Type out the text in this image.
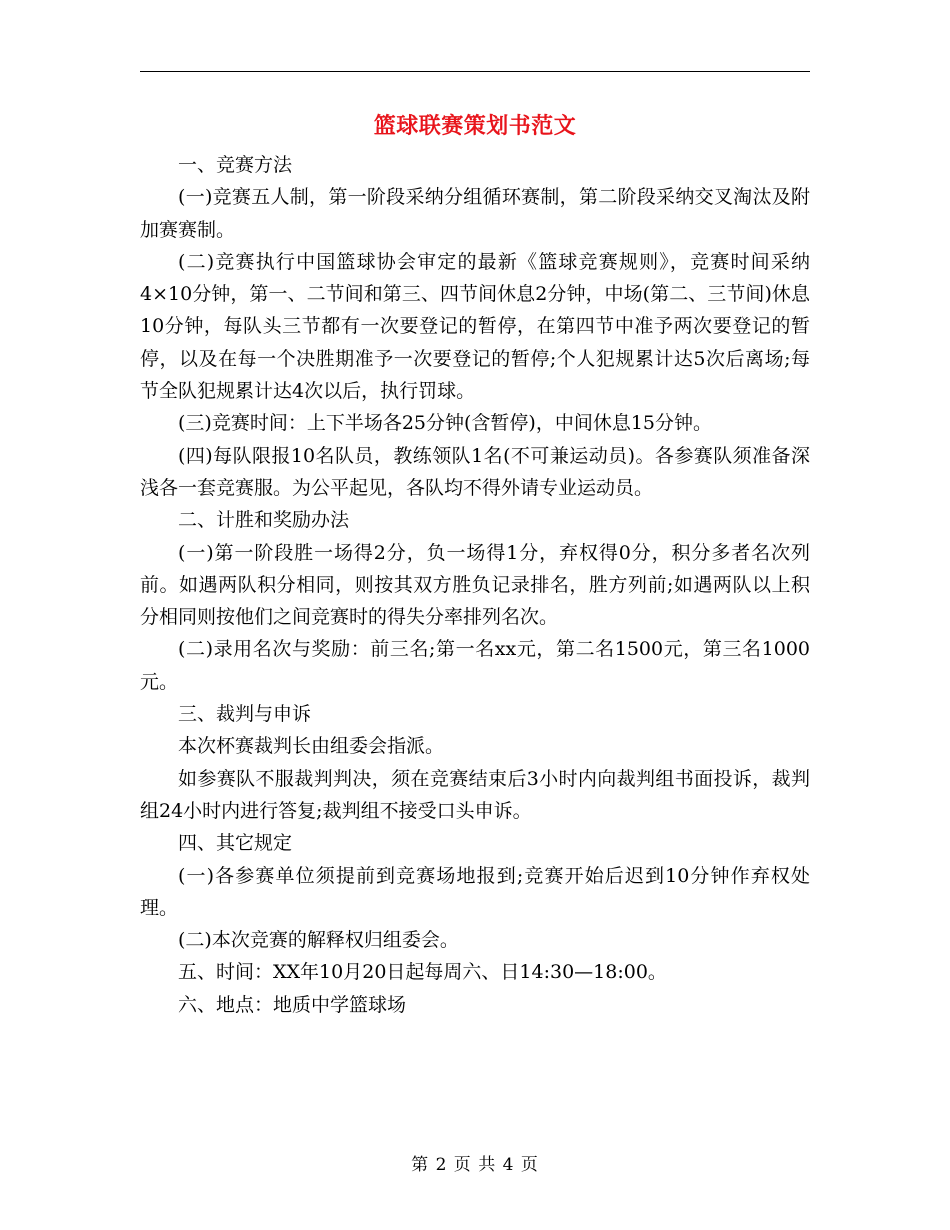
篮球联赛策划书范文

一、竞赛方法

(一)竞赛五人制，第一阶段采纳分组循环赛制，第二阶段采纳交叉淘汰及附加赛赛制。

(二)竞赛执行中国篮球协会审定的最新《篮球竞赛规则》，竞赛时间采纳4×10分钟，第一、二节间和第三、四节间休息2分钟，中场(第二、三节间)休息10分钟，每队头三节都有一次要登记的暂停，在第四节中准予两次要登记的暂停，以及在每一个决胜期准予一次要登记的暂停;个人犯规累计达5次后离场;每节全队犯规累计达4次以后，执行罚球。

(三)竞赛时间：上下半场各25分钟(含暂停)，中间休息15分钟。

(四)每队限报10名队员，教练领队1名(不可兼运动员)。各参赛队须准备深浅各一套竞赛服。为公平起见，各队均不得外请专业运动员。

二、计胜和奖励办法

(一)第一阶段胜一场得2分，负一场得1分，弃权得0分，积分多者名次列前。如遇两队积分相同，则按其双方胜负记录排名，胜方列前;如遇两队以上积分相同则按他们之间竞赛时的得失分率排列名次。

(二)录用名次与奖励：前三名;第一名xx元，第二名1500元，第三名1000元。

三、裁判与申诉

本次杯赛裁判长由组委会指派。

如参赛队不服裁判判决，须在竞赛结束后3小时内向裁判组书面投诉，裁判组24小时内进行答复;裁判组不接受口头申诉。

四、其它规定

(一)各参赛单位须提前到竞赛场地报到;竞赛开始后迟到10分钟作弃权处理。

(二)本次竞赛的解释权归组委会。

五、时间：XX年10月20日起每周六、日14:30—18:00。

六、地点：地质中学篮球场

第 2 页 共 4 页
